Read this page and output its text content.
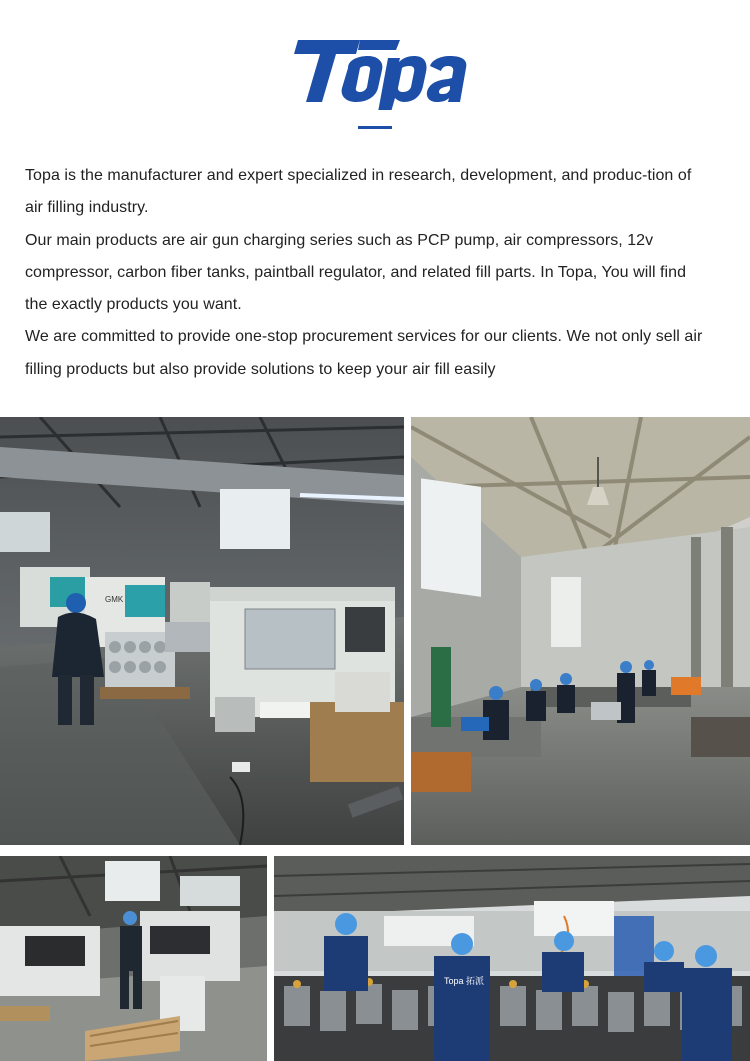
Topa is the manufacturer and expert specialized in research, development, and produc-tion of air filling industry.

Our main products are air gun charging series such as PCP pump, air compressors, 12v compressor, carbon fiber tanks, paintball regulator, and related fill parts. In Topa, You will find the exactly products you want.

We are committed to provide one-stop procurement services for our clients. We not only sell air filling products but also provide solutions to keep your air fill easily

GMK
Topa 拓派
